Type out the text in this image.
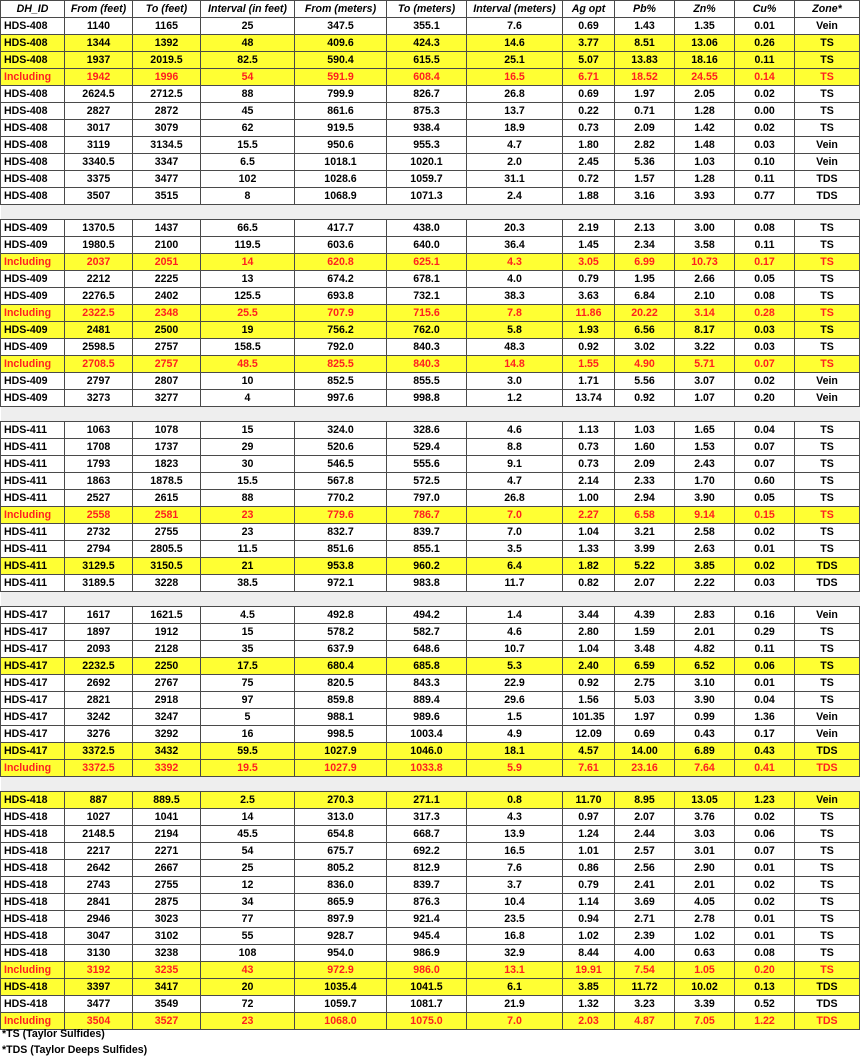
DH_ID	From (feet)	To (feet)	Interval (in feet)	From (meters)	To (meters)	Interval (meters)	Ag opt	Pb%	Zn%	Cu%	Zone*
HDS-408	1140	1165	25	347.5	355.1	7.6	0.69	1.43	1.35	0.01	Vein
HDS-408	1344	1392	48	409.6	424.3	14.6	3.77	8.51	13.06	0.26	TS
HDS-408	1937	2019.5	82.5	590.4	615.5	25.1	5.07	13.83	18.16	0.11	TS
Including	1942	1996	54	591.9	608.4	16.5	6.71	18.52	24.55	0.14	TS
HDS-408	2624.5	2712.5	88	799.9	826.7	26.8	0.69	1.97	2.05	0.02	TS
HDS-408	2827	2872	45	861.6	875.3	13.7	0.22	0.71	1.28	0.00	TS
HDS-408	3017	3079	62	919.5	938.4	18.9	0.73	2.09	1.42	0.02	TS
HDS-408	3119	3134.5	15.5	950.6	955.3	4.7	1.80	2.82	1.48	0.03	Vein
HDS-408	3340.5	3347	6.5	1018.1	1020.1	2.0	2.45	5.36	1.03	0.10	Vein
HDS-408	3375	3477	102	1028.6	1059.7	31.1	0.72	1.57	1.28	0.11	TDS
HDS-408	3507	3515	8	1068.9	1071.3	2.4	1.88	3.16	3.93	0.77	TDS

HDS-409	1370.5	1437	66.5	417.7	438.0	20.3	2.19	2.13	3.00	0.08	TS
HDS-409	1980.5	2100	119.5	603.6	640.0	36.4	1.45	2.34	3.58	0.11	TS
Including	2037	2051	14	620.8	625.1	4.3	3.05	6.99	10.73	0.17	TS
HDS-409	2212	2225	13	674.2	678.1	4.0	0.79	1.95	2.66	0.05	TS
HDS-409	2276.5	2402	125.5	693.8	732.1	38.3	3.63	6.84	2.10	0.08	TS
Including	2322.5	2348	25.5	707.9	715.6	7.8	11.86	20.22	3.14	0.28	TS
HDS-409	2481	2500	19	756.2	762.0	5.8	1.93	6.56	8.17	0.03	TS
HDS-409	2598.5	2757	158.5	792.0	840.3	48.3	0.92	3.02	3.22	0.03	TS
Including	2708.5	2757	48.5	825.5	840.3	14.8	1.55	4.90	5.71	0.07	TS
HDS-409	2797	2807	10	852.5	855.5	3.0	1.71	5.56	3.07	0.02	Vein
HDS-409	3273	3277	4	997.6	998.8	1.2	13.74	0.92	1.07	0.20	Vein

HDS-411	1063	1078	15	324.0	328.6	4.6	1.13	1.03	1.65	0.04	TS
HDS-411	1708	1737	29	520.6	529.4	8.8	0.73	1.60	1.53	0.07	TS
HDS-411	1793	1823	30	546.5	555.6	9.1	0.73	2.09	2.43	0.07	TS
HDS-411	1863	1878.5	15.5	567.8	572.5	4.7	2.14	2.33	1.70	0.60	TS
HDS-411	2527	2615	88	770.2	797.0	26.8	1.00	2.94	3.90	0.05	TS
Including	2558	2581	23	779.6	786.7	7.0	2.27	6.58	9.14	0.15	TS
HDS-411	2732	2755	23	832.7	839.7	7.0	1.04	3.21	2.58	0.02	TS
HDS-411	2794	2805.5	11.5	851.6	855.1	3.5	1.33	3.99	2.63	0.01	TS
HDS-411	3129.5	3150.5	21	953.8	960.2	6.4	1.82	5.22	3.85	0.02	TDS
HDS-411	3189.5	3228	38.5	972.1	983.8	11.7	0.82	2.07	2.22	0.03	TDS

HDS-417	1617	1621.5	4.5	492.8	494.2	1.4	3.44	4.39	2.83	0.16	Vein
HDS-417	1897	1912	15	578.2	582.7	4.6	2.80	1.59	2.01	0.29	TS
HDS-417	2093	2128	35	637.9	648.6	10.7	1.04	3.48	4.82	0.11	TS
HDS-417	2232.5	2250	17.5	680.4	685.8	5.3	2.40	6.59	6.52	0.06	TS
HDS-417	2692	2767	75	820.5	843.3	22.9	0.92	2.75	3.10	0.01	TS
HDS-417	2821	2918	97	859.8	889.4	29.6	1.56	5.03	3.90	0.04	TS
HDS-417	3242	3247	5	988.1	989.6	1.5	101.35	1.97	0.99	1.36	Vein
HDS-417	3276	3292	16	998.5	1003.4	4.9	12.09	0.69	0.43	0.17	Vein
HDS-417	3372.5	3432	59.5	1027.9	1046.0	18.1	4.57	14.00	6.89	0.43	TDS
Including	3372.5	3392	19.5	1027.9	1033.8	5.9	7.61	23.16	7.64	0.41	TDS

HDS-418	887	889.5	2.5	270.3	271.1	0.8	11.70	8.95	13.05	1.23	Vein
HDS-418	1027	1041	14	313.0	317.3	4.3	0.97	2.07	3.76	0.02	TS
HDS-418	2148.5	2194	45.5	654.8	668.7	13.9	1.24	2.44	3.03	0.06	TS
HDS-418	2217	2271	54	675.7	692.2	16.5	1.01	2.57	3.01	0.07	TS
HDS-418	2642	2667	25	805.2	812.9	7.6	0.86	2.56	2.90	0.01	TS
HDS-418	2743	2755	12	836.0	839.7	3.7	0.79	2.41	2.01	0.02	TS
HDS-418	2841	2875	34	865.9	876.3	10.4	1.14	3.69	4.05	0.02	TS
HDS-418	2946	3023	77	897.9	921.4	23.5	0.94	2.71	2.78	0.01	TS
HDS-418	3047	3102	55	928.7	945.4	16.8	1.02	2.39	1.02	0.01	TS
HDS-418	3130	3238	108	954.0	986.9	32.9	8.44	4.00	0.63	0.08	TS
Including	3192	3235	43	972.9	986.0	13.1	19.91	7.54	1.05	0.20	TS
HDS-418	3397	3417	20	1035.4	1041.5	6.1	3.85	11.72	10.02	0.13	TDS
HDS-418	3477	3549	72	1059.7	1081.7	21.9	1.32	3.23	3.39	0.52	TDS
Including	3504	3527	23	1068.0	1075.0	7.0	2.03	4.87	7.05	1.22	TDS
*TS (Taylor Sulfides)
*TDS (Taylor Deeps Sulfides)
